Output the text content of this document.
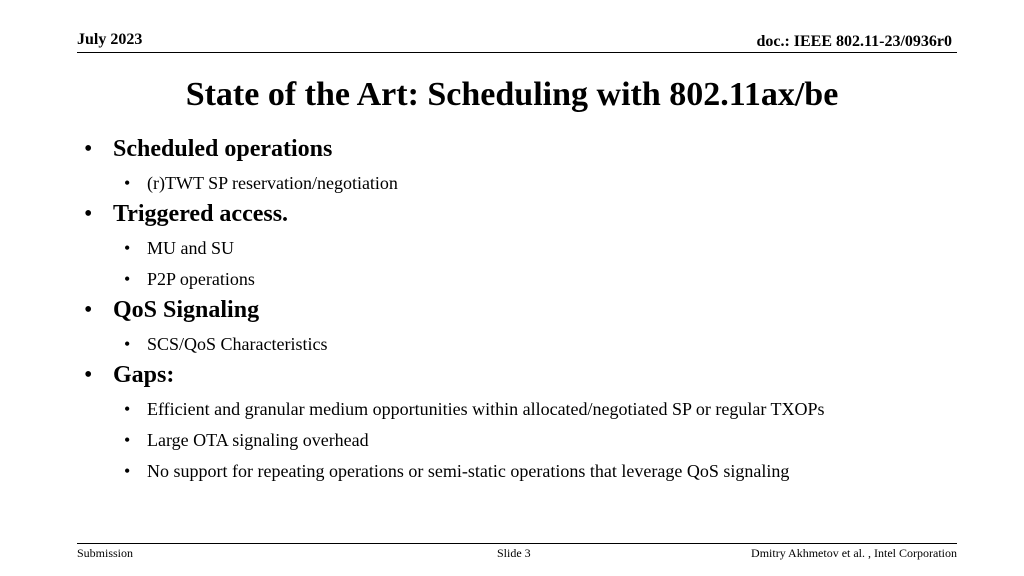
July 2023	doc.: IEEE 802.11-23/0936r0
State of the Art: Scheduling with 802.11ax/be
• Scheduled operations
• (r)TWT SP reservation/negotiation
• Triggered access.
• MU and SU
• P2P operations
• QoS Signaling
• SCS/QoS Characteristics
• Gaps:
• Efficient and granular medium opportunities within allocated/negotiated SP or regular TXOPs
• Large OTA signaling overhead
• No support for repeating operations or semi-static operations that leverage QoS signaling
Submission	Slide 3	Dmitry Akhmetov et al. , Intel Corporation
